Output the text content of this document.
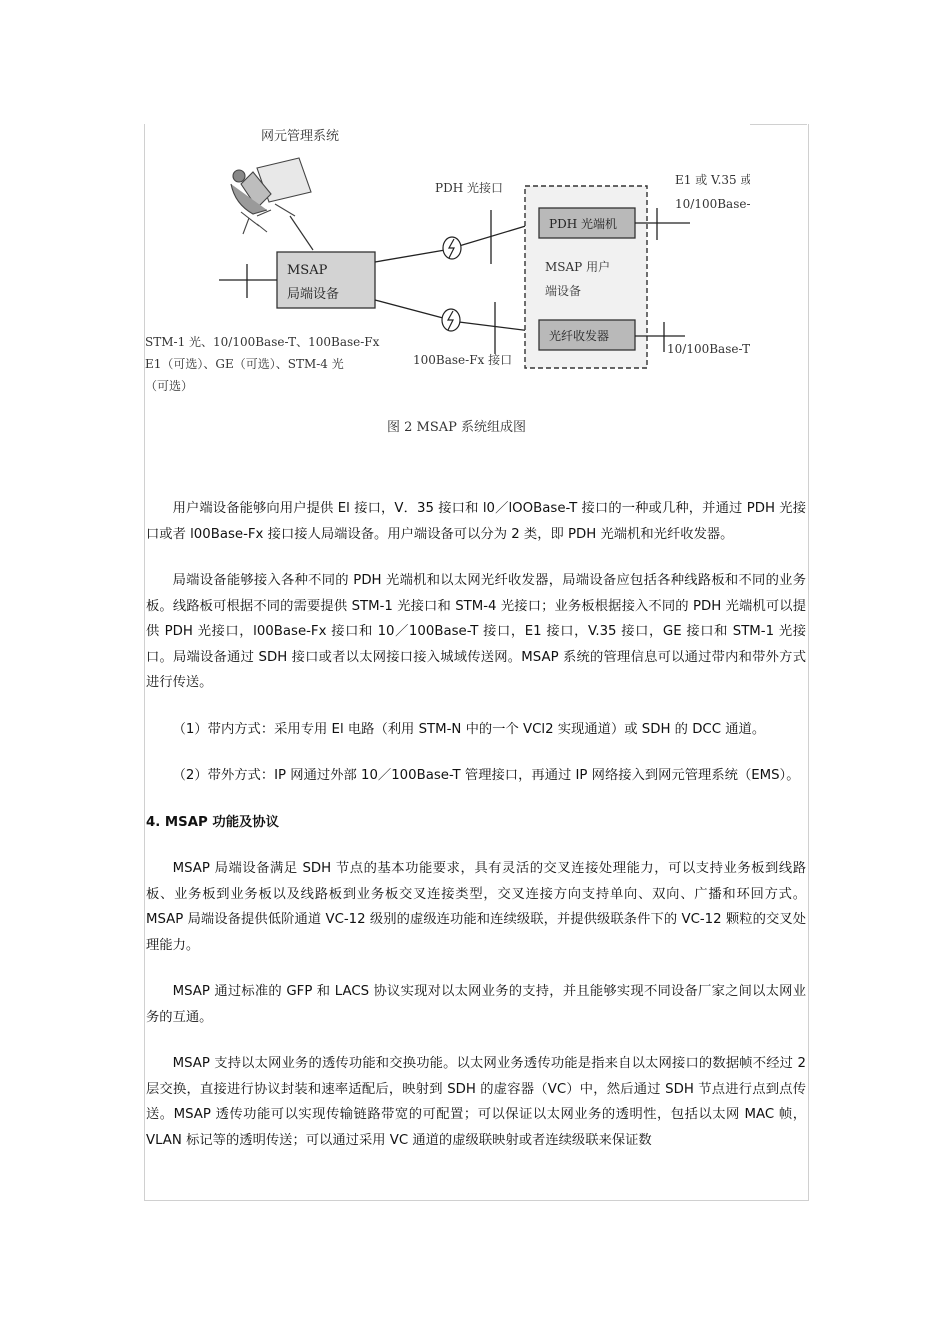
网元管理系统
MSAP
局端设备
PDH 光接口
100Base-Fx 接口
MSAP 用户
端设备
PDH 光端机
光纤收发器
E1 或 V.35 或
10/100Base-T
10/100Base-T
STM-1 光、10/100Base-T、100Base-Fx
E1（可选）、GE（可选）、STM-4 光
（可选）
图 2 MSAP 系统组成图

用户端设备能够向用户提供 El 接口，V．35 接口和 l0／lOOBase-T 接口的一种或几种，并通过 PDH 光接口或者 l00Base-Fx 接口接人局端设备。用户端设备可以分为 2 类，即 PDH 光端机和光纤收发器。

局端设备能够接入各种不同的 PDH 光端机和以太网光纤收发器，局端设备应包括各种线路板和不同的业务板。线路板可根据不同的需要提供 STM-1 光接口和 STM-4 光接口；业务板根据接入不同的 PDH 光端机可以提供 PDH 光接口，l00Base-Fx 接口和 10／100Base-T 接口，E1 接口，V.35 接口，GE 接口和 STM-1 光接口。局端设备通过 SDH 接口或者以太网接口接入城域传送网。MSAP 系统的管理信息可以通过带内和带外方式进行传送。

（1）带内方式：采用专用 El 电路（利用 STM-N 中的一个 VCl2 实现通道）或 SDH 的 DCC 通道。

（2）带外方式：IP 网通过外部 10／100Base-T 管理接口，再通过 IP 网络接入到网元管理系统（EMS）。

4. MSAP 功能及协议

MSAP 局端设备满足 SDH 节点的基本功能要求，具有灵活的交叉连接处理能力，可以支持业务板到线路板、业务板到业务板以及线路板到业务板交叉连接类型，交叉连接方向支持单向、双向、广播和环回方式。MSAP 局端设备提供低阶通道 VC-12 级别的虚级连功能和连续级联，并提供级联条件下的 VC-12 颗粒的交叉处理能力。

MSAP 通过标准的 GFP 和 LACS 协议实现对以太网业务的支持，并且能够实现不同设备厂家之间以太网业务的互通。

MSAP 支持以太网业务的透传功能和交换功能。以太网业务透传功能是指来自以太网接口的数据帧不经过 2 层交换，直接进行协议封装和速率适配后，映射到 SDH 的虚容器（VC）中，然后通过 SDH 节点进行点到点传送。MSAP 透传功能可以实现传输链路带宽的可配置；可以保证以太网业务的透明性，包括以太网 MAC 帧，VLAN 标记等的透明传送；可以通过采用 VC 通道的虚级联映射或者连续级联来保证数
